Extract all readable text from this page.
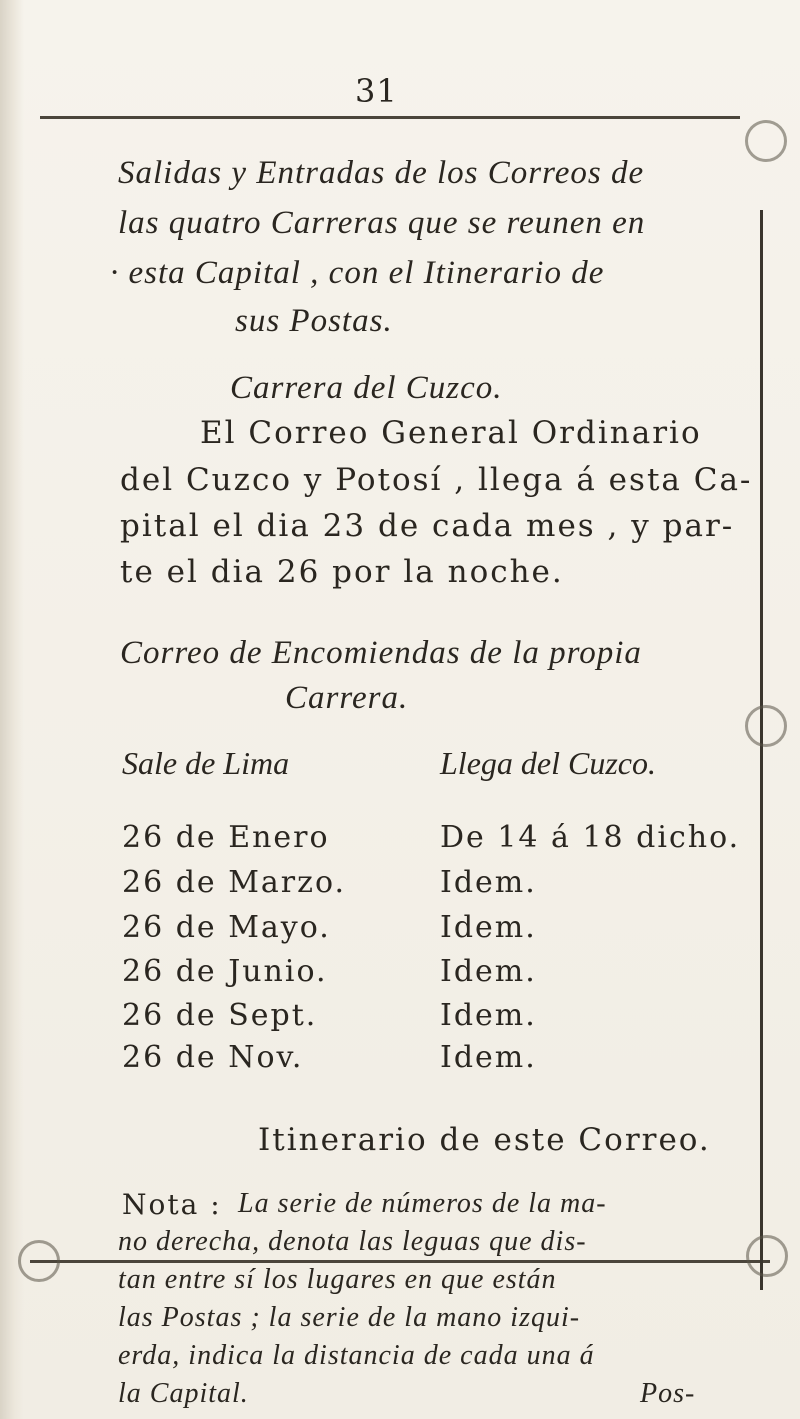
31
Salidas y Entradas de los Correos de
las quatro Carreras que se reunen en
· esta Capital , con el Itinerario de
sus Postas.
Carrera del Cuzco.
El Correo General Ordinario
del Cuzco y Potosí , llega á esta Ca-
pital el dia 23 de cada mes , y par-
te el dia 26 por la noche.
Correo de Encomiendas de la propia
Carrera.
Sale de Lima	Llega del Cuzco.
26 de Enero	De 14 á 18 dicho.
26 de Marzo.	Idem.
26 de Mayo.	Idem.
26 de Junio.	Idem.
26 de Sept.	Idem.
26 de Nov.	Idem.
Itinerario de este Correo.
Nota : La serie de números de la ma-
no derecha, denota las leguas que dis-
tan entre sí los lugares en que están
las Postas ; la serie de la mano izqui-
erda, indica la distancia de cada una á
la Capital.	Pos-
